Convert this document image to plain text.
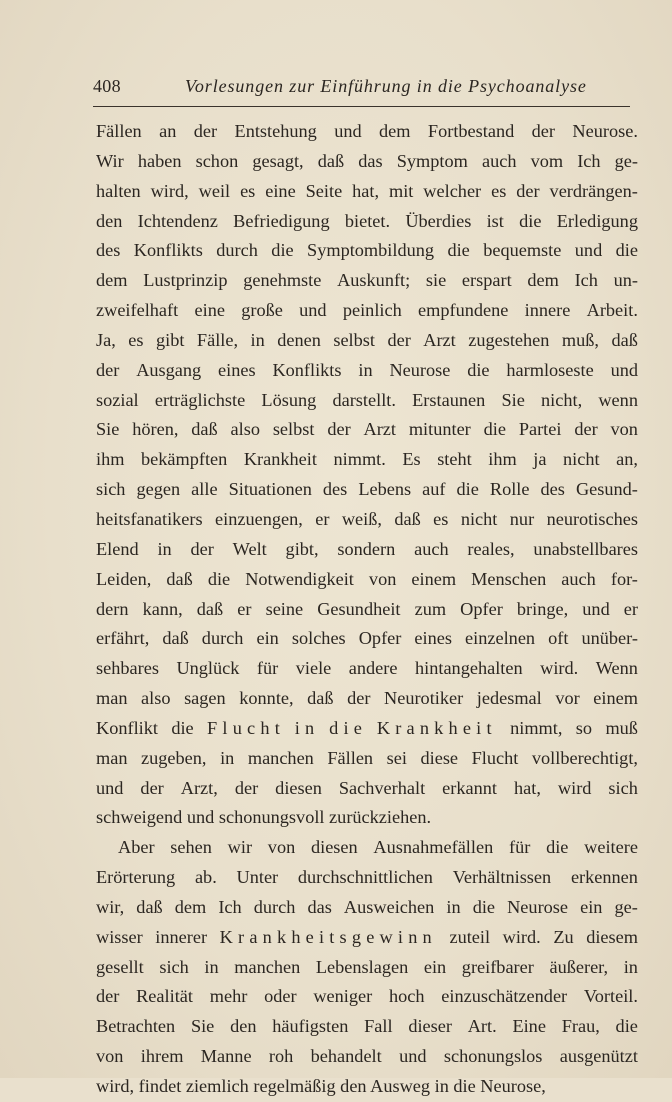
408	Vorlesungen zur Einführung in die Psychoanalyse
Fällen an der Entstehung und dem Fortbestand der Neurose.
Wir haben schon gesagt, daß das Symptom auch vom Ich ge-
halten wird, weil es eine Seite hat, mit welcher es der verdrängen-
den Ichtendenz Befriedigung bietet. Überdies ist die Erledigung
des Konflikts durch die Symptombildung die bequemste und die
dem Lustprinzip genehmste Auskunft; sie erspart dem Ich un-
zweifelhaft eine große und peinlich empfundene innere Arbeit.
Ja, es gibt Fälle, in denen selbst der Arzt zugestehen muß, daß
der Ausgang eines Konflikts in Neurose die harmloseste und
sozial erträglichste Lösung darstellt. Erstaunen Sie nicht, wenn
Sie hören, daß also selbst der Arzt mitunter die Partei der von
ihm bekämpften Krankheit nimmt. Es steht ihm ja nicht an,
sich gegen alle Situationen des Lebens auf die Rolle des Gesund-
heitsfanatikers einzuengen, er weiß, daß es nicht nur neurotisches
Elend in der Welt gibt, sondern auch reales, unabstellbares
Leiden, daß die Notwendigkeit von einem Menschen auch for-
dern kann, daß er seine Gesundheit zum Opfer bringe, und er
erfährt, daß durch ein solches Opfer eines einzelnen oft unüber-
sehbares Unglück für viele andere hintangehalten wird. Wenn
man also sagen konnte, daß der Neurotiker jedesmal vor einem
Konflikt die Flucht in die Krankheit nimmt, so muß
man zugeben, in manchen Fällen sei diese Flucht vollberechtigt,
und der Arzt, der diesen Sachverhalt erkannt hat, wird sich
schweigend und schonungsvoll zurückziehen.
Aber sehen wir von diesen Ausnahmefällen für die weitere
Erörterung ab. Unter durchschnittlichen Verhältnissen erkennen
wir, daß dem Ich durch das Ausweichen in die Neurose ein ge-
wisser innerer Krankheitsgewinn zuteil wird. Zu diesem
gesellt sich in manchen Lebenslagen ein greifbarer äußerer, in
der Realität mehr oder weniger hoch einzuschätzender Vorteil.
Betrachten Sie den häufigsten Fall dieser Art. Eine Frau, die
von ihrem Manne roh behandelt und schonungslos ausgenützt
wird, findet ziemlich regelmäßig den Ausweg in die Neurose,
